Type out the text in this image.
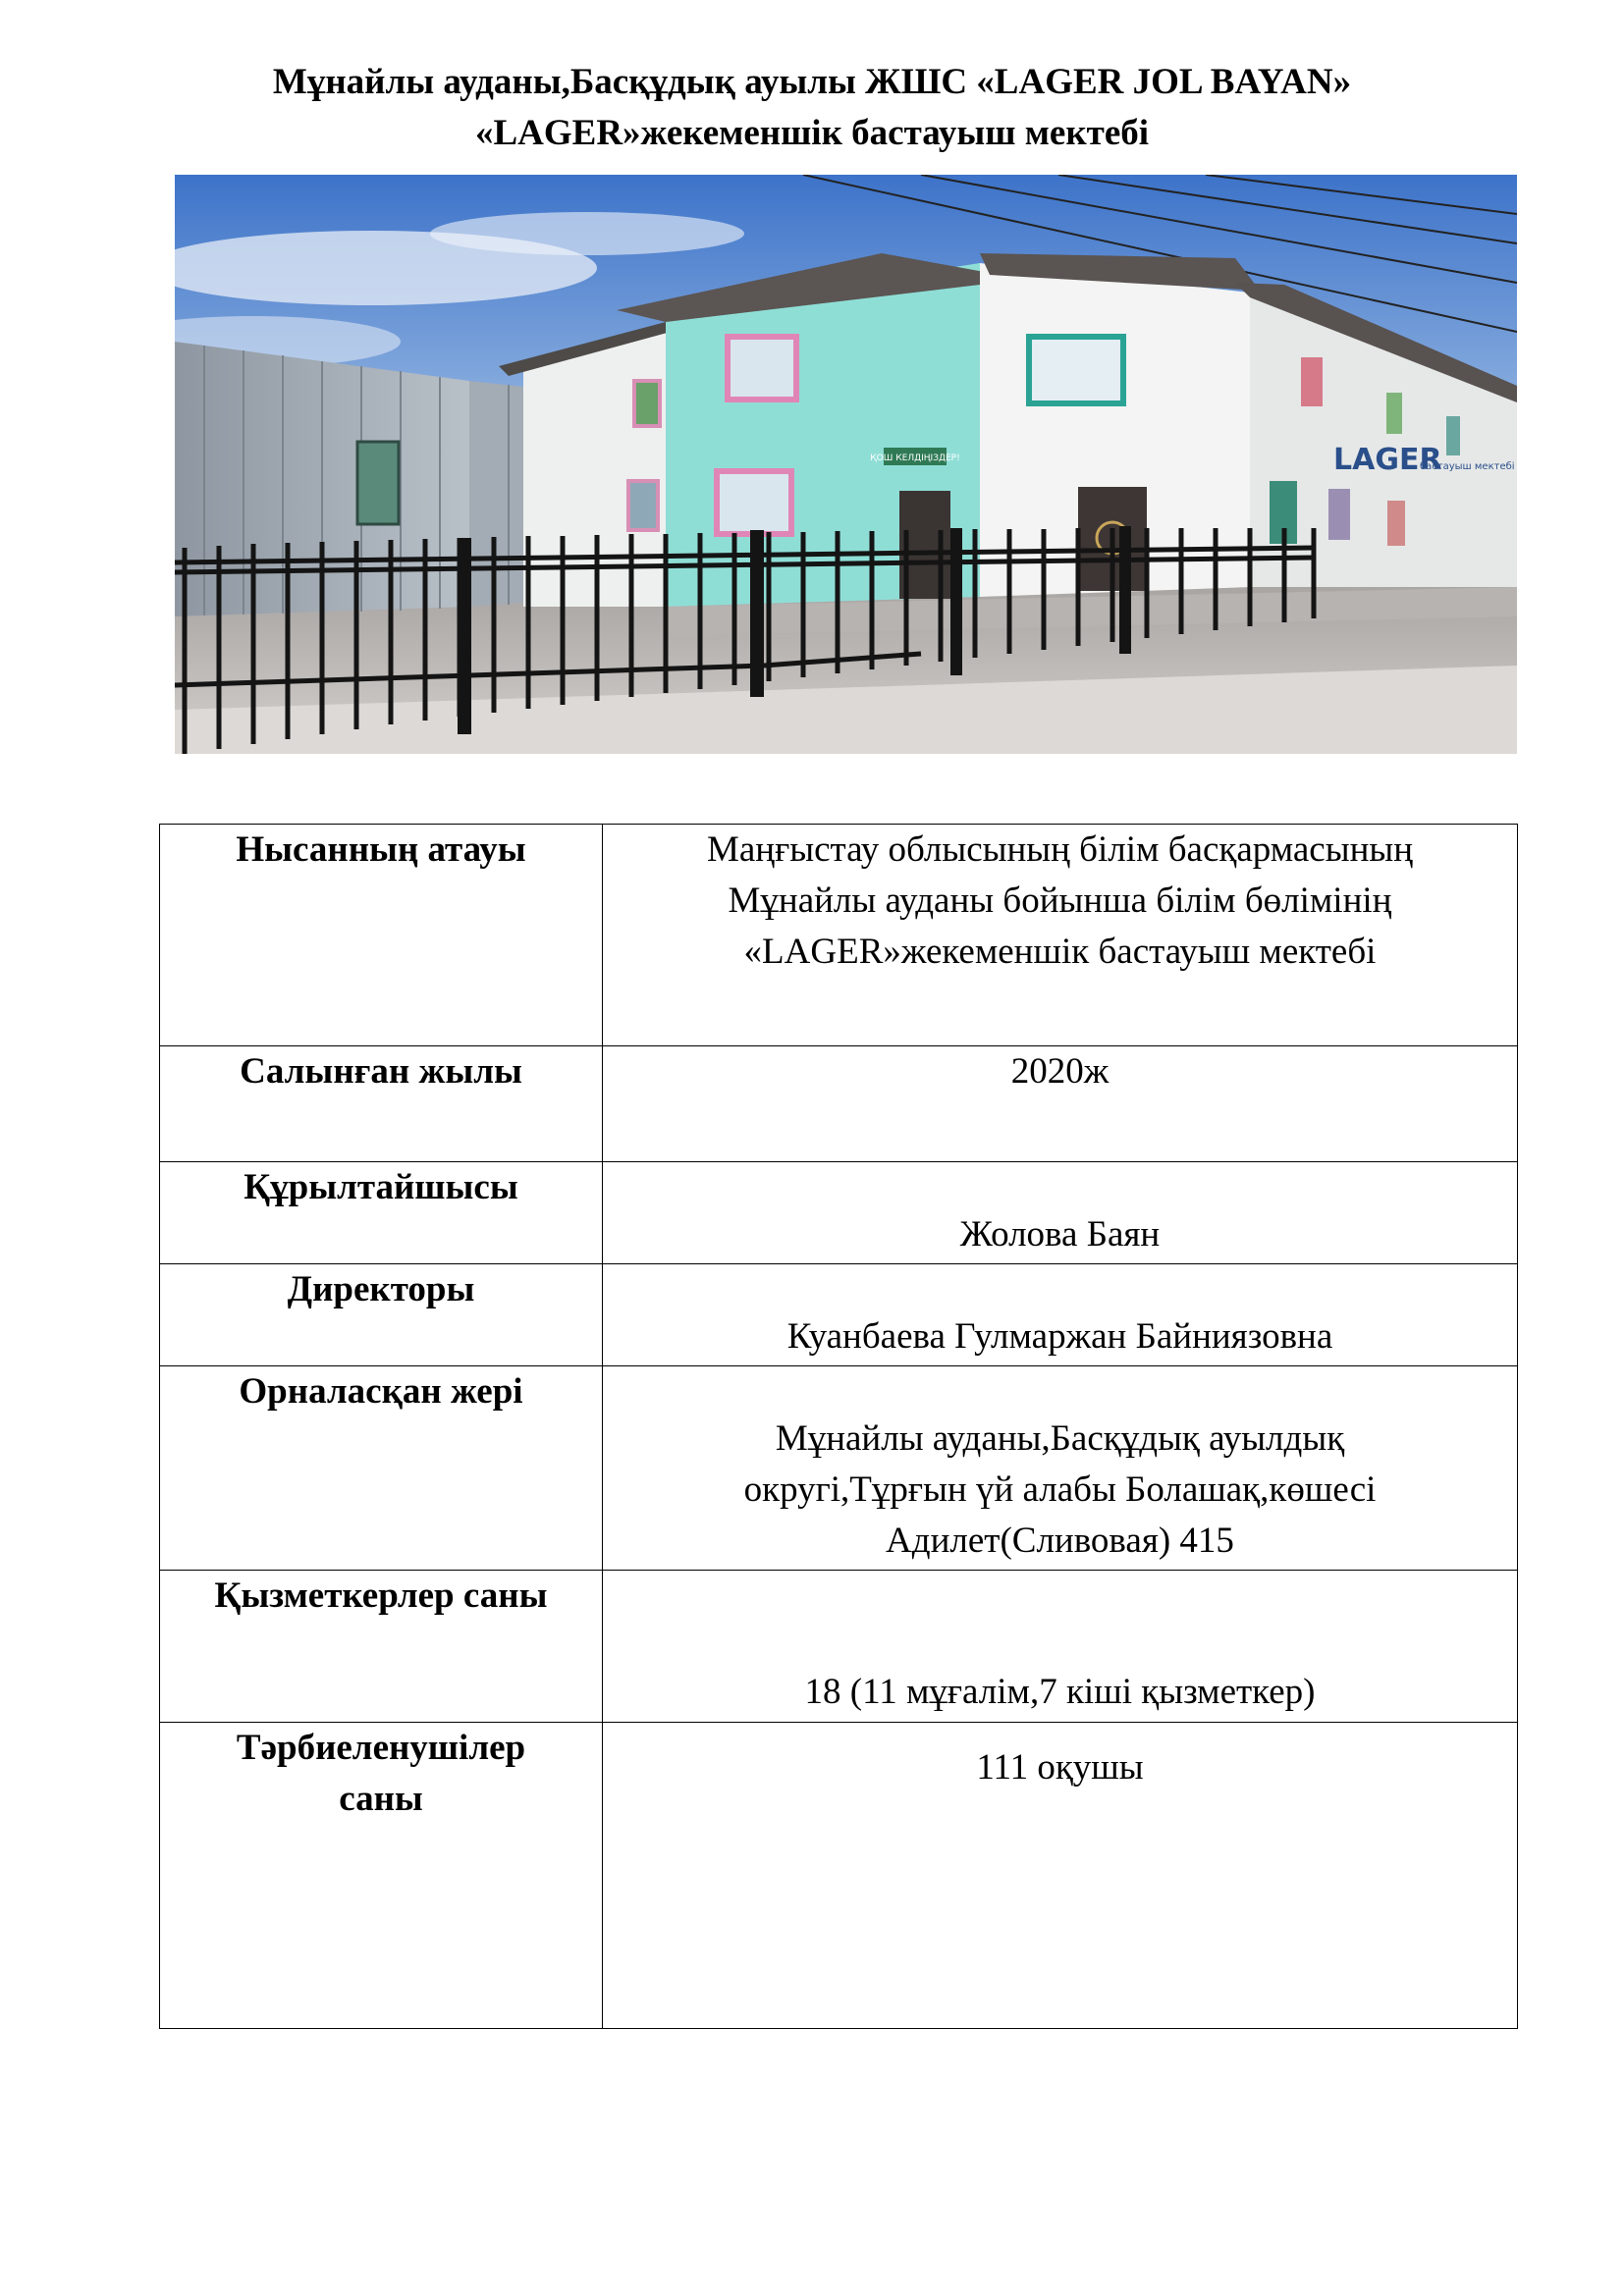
Мұнайлы ауданы,Басқұдық ауылы ЖШС «LAGER JOL BAYAN»
«LAGER»жекеменшік бастауыш мектебі
ҚОШ КЕЛДІҢІЗДЕР!	LAGER
бастауыш мектебі
Нысанның атауы	Маңғыстау облысының білім басқармасының
Мұнайлы ауданы бойынша білім бөлімінің
«LAGER»жекеменшік бастауыш мектебі

Салынған жылы	2020ж

Құрылтайшысы	Жолова Баян

Директоры	Куанбаева Гулмаржан Байниязовна

Орналасқан жері	Мұнайлы ауданы,Басқұдық ауылдық
округі,Тұрғын үй алабы Болашақ,көшесі
Адилет(Сливовая) 415

Қызметкерлер саны	18 (11 мұғалім,7 кіші қызметкер)

Тәрбиеленушілер
саны	111 оқушы
